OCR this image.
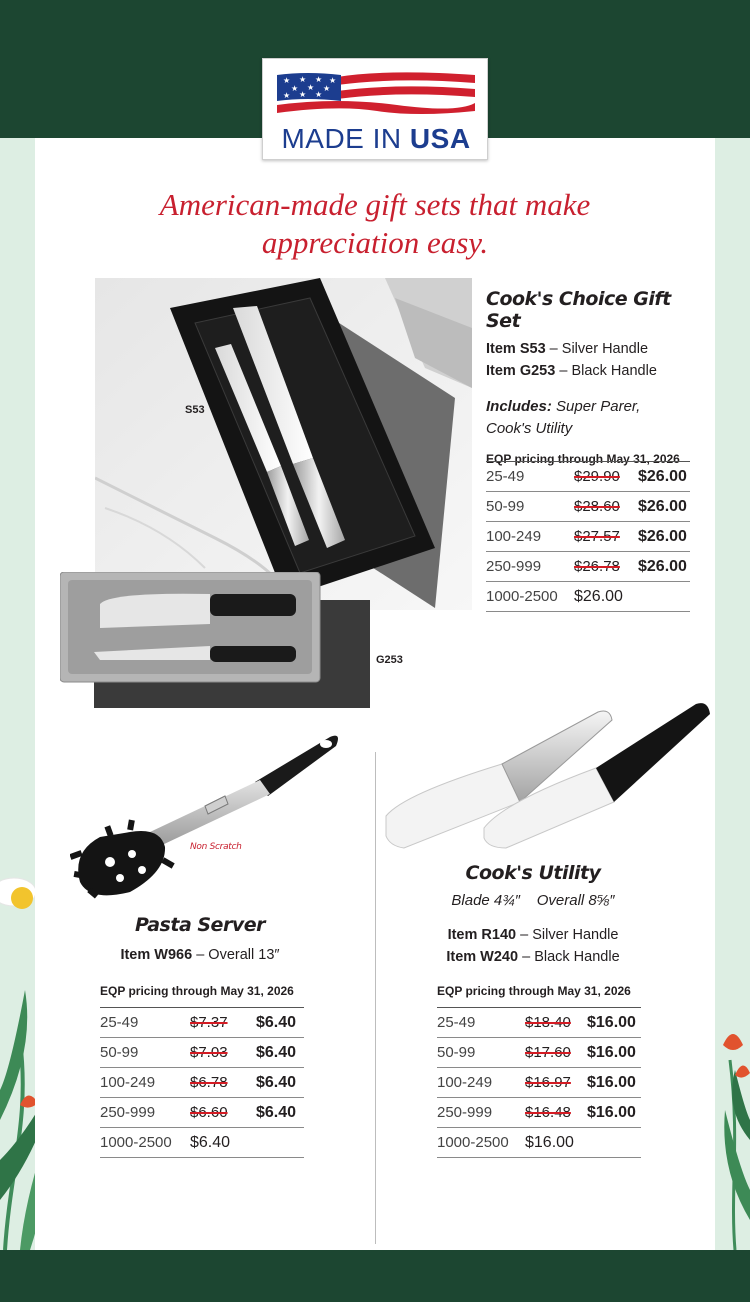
★ ★ ★ ★
★ ★ ★
★ ★ ★
MADE IN USA
American-made gift sets that make
appreciation easy.
S53
G253
Cook's Choice Gift Set
Item S53 – Silver Handle
Item G253 – Black Handle
Includes: Super Parer,
Cook's Utility
EQP pricing through May 31, 2026
25-49	$29.90	$26.00
50-99	$28.60	$26.00
100-249	$27.57	$26.00
250-999	$26.78	$26.00
1000-2500	$26.00	
Non Scratch
Pasta Server
Item W966 – Overall 13″
EQP pricing through May 31, 2026
25-49	$7.37	$6.40
50-99	$7.03	$6.40
100-249	$6.78	$6.40
250-999	$6.60	$6.40
1000-2500	$6.40	
Cook's Utility
Blade 4¾″    Overall 8⅝″
Item R140 – Silver Handle
Item W240 – Black Handle
EQP pricing through May 31, 2026
25-49	$18.40	$16.00
50-99	$17.60	$16.00
100-249	$16.97	$16.00
250-999	$16.48	$16.00
1000-2500	$16.00	
